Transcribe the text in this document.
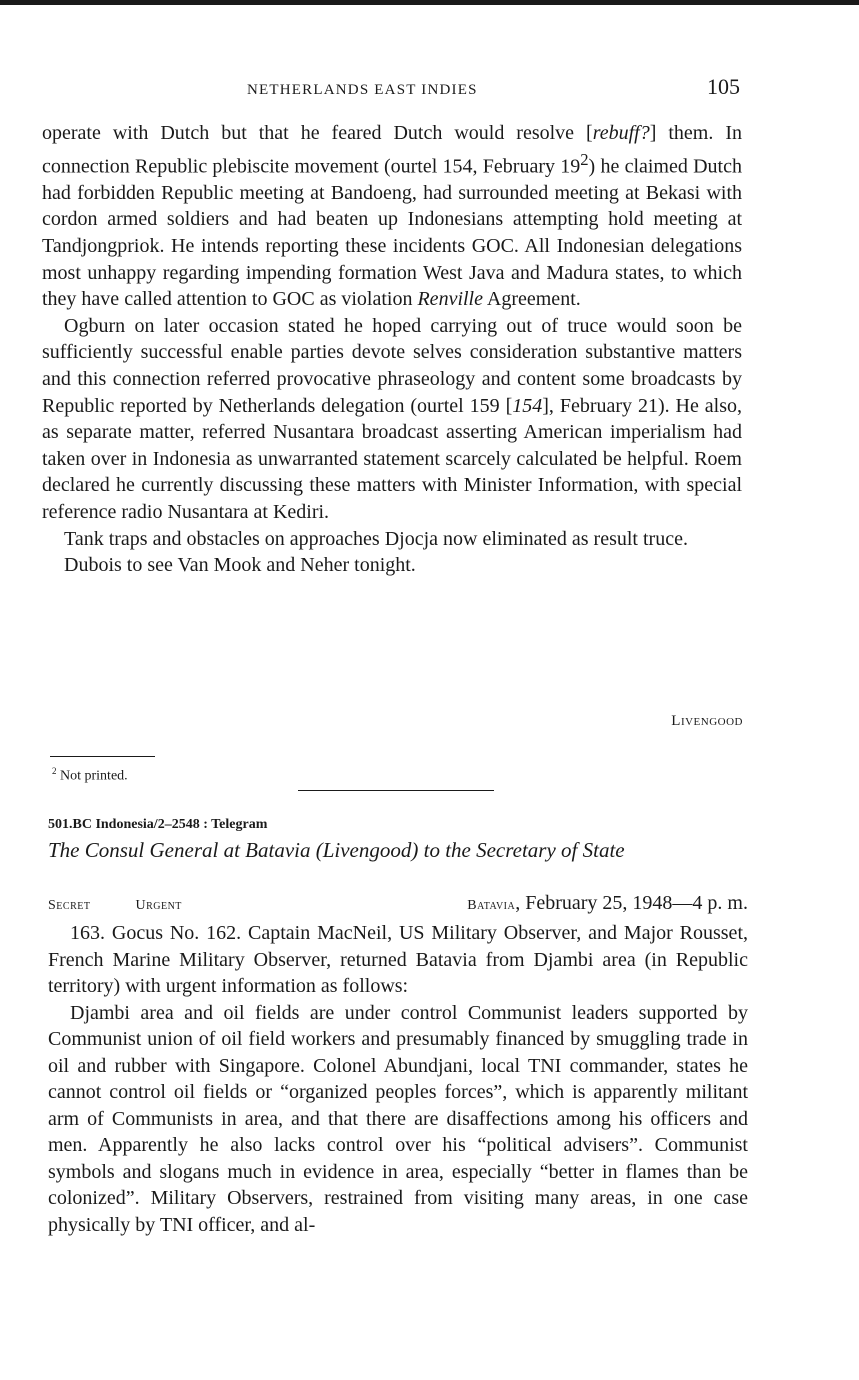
NETHERLANDS EAST INDIES	105

operate with Dutch but that he feared Dutch would resolve [rebuff?] them. In connection Republic plebiscite movement (ourtel 154, February $19^2$) he claimed Dutch had forbidden Republic meeting at Bandoeng, had surrounded meeting at Bekasi with cordon armed soldiers and had beaten up Indonesians attempting hold meeting at Tandjongpriok. He intends reporting these incidents GOC. All Indonesian delegations most unhappy regarding impending formation West Java and Madura states, to which they have called attention to GOC as violation Renville Agreement.

Ogburn on later occasion stated he hoped carrying out of truce would soon be sufficiently successful enable parties devote selves consideration substantive matters and this connection referred provocative phraseology and content some broadcasts by Republic reported by Netherlands delegation (ourtel 159 [154], February 21). He also, as separate matter, referred Nusantara broadcast asserting American imperialism had taken over in Indonesia as unwarranted statement scarcely calculated be helpful. Roem declared he currently discussing these matters with Minister Information, with special reference radio Nusantara at Kediri.

Tank traps and obstacles on approaches Djocja now eliminated as result truce.

Dubois to see Van Mook and Neher tonight.

Livengood
$^2$ Not printed.
501.BC Indonesia/2–2548 : Telegram
The Consul General at Batavia (Livengood) to the Secretary of State
Secret	Urgent	Batavia, February 25, 1948—4 p. m.

163. Gocus No. 162. Captain MacNeil, US Military Observer, and Major Rousset, French Marine Military Observer, returned Batavia from Djambi area (in Republic territory) with urgent information as follows:

Djambi area and oil fields are under control Communist leaders supported by Communist union of oil field workers and presumably financed by smuggling trade in oil and rubber with Singapore. Colonel Abundjani, local TNI commander, states he cannot control oil fields or “organized peoples forces”, which is apparently militant arm of Communists in area, and that there are disaffections among his officers and men. Apparently he also lacks control over his “political advisers”. Communist symbols and slogans much in evidence in area, especially “better in flames than be colonized”. Military Observers, restrained from visiting many areas, in one case physically by TNI officer, and al-
